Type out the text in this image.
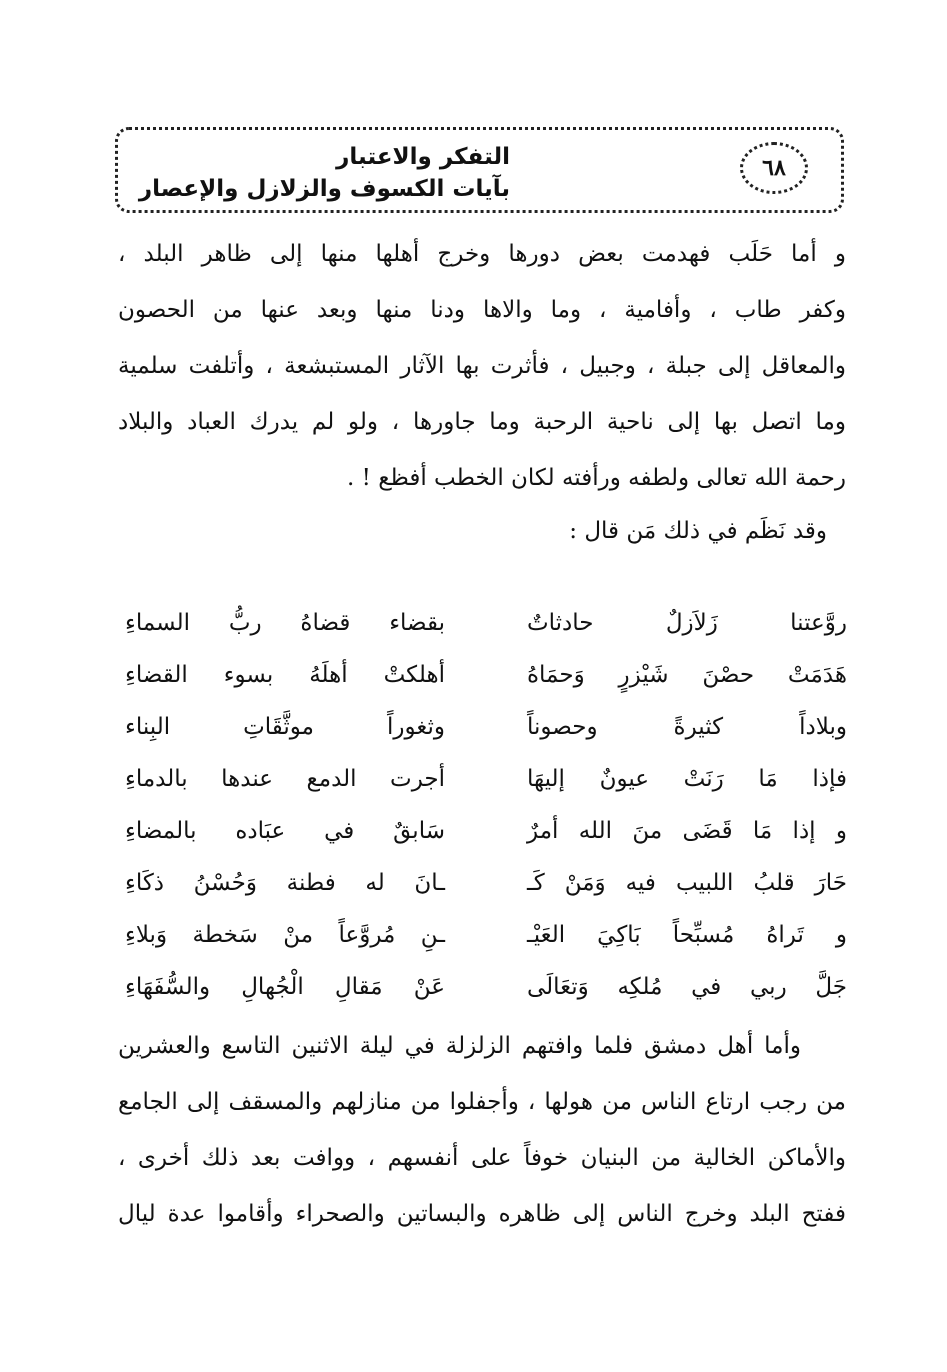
٦٨
التفكر والاعتبار
بآيات الكسوف والزلازل والإعصار
و أما حَلَب فهدمت بعض دورها وخرج أهلها منها إلى ظاهر البلد ،
وكفر طاب ، وأفامية ، وما والاها ودنا منها وبعد عنها من الحصون
والمعاقل إلى جبلة ، وجبيل ، فأثرت بها الآثار المستبشعة ، وأتلفت سلمية
وما اتصل بها إلى ناحية الرحبة وما جاورها ، ولو لم يدرك العباد والبلاد
رحمة الله تعالى ولطفه ورأفته لكان الخطب أفظع ! .
وقد نَظَم في ذلك مَن قال :
روَّعتنا زَلاَزلٌ حادثاتٌ
بقضاء قضاهُ ربُّ السماءِ
هَدَمَتْ حصْنَ شَيْزرٍ وَحمَاهُ
أهلكتْ أهلَهُ بسوء القضاءِ
وبلاداً كثيرةً وحصوناً
وثغوراً موثَّقَاتِ البِناء
فإذا مَا رَنَتْ عيونٌ إليهَا
أجرت الدمع عندها بالدماءِ
و إذا مَا قَضَى منَ الله أمرٌ
سَابقٌ في عبَاده بالمضاءِ
حَارَ قلبُ اللبيب فيه وَمَنْ كَـ
ـانَ له فطنة وَحُسْنُ ذكَاءِ
و تَراهُ مُسبِّحاً بَاكِيَ العَيْـ
ـنِ مُروَّعاً منْ سَخطة وَبلاءِ
جَلَّ ربي في مُلكِه وَتعَالَى
عَنْ مَقالِ الْجُهالِ والسُّفَهَاءِ
وأما أهل دمشق فلما وافتهم الزلزلة في ليلة الاثنين التاسع والعشرين
من رجب ارتاع الناس من هولها ، وأجفلوا من منازلهم والمسقف إلى الجامع
والأماكن الخالية من البنيان خوفاً على أنفسهم ، ووافت بعد ذلك أخرى ،
ففتح البلد وخرج الناس إلى ظاهره والبساتين والصحراء وأقاموا عدة ليال
